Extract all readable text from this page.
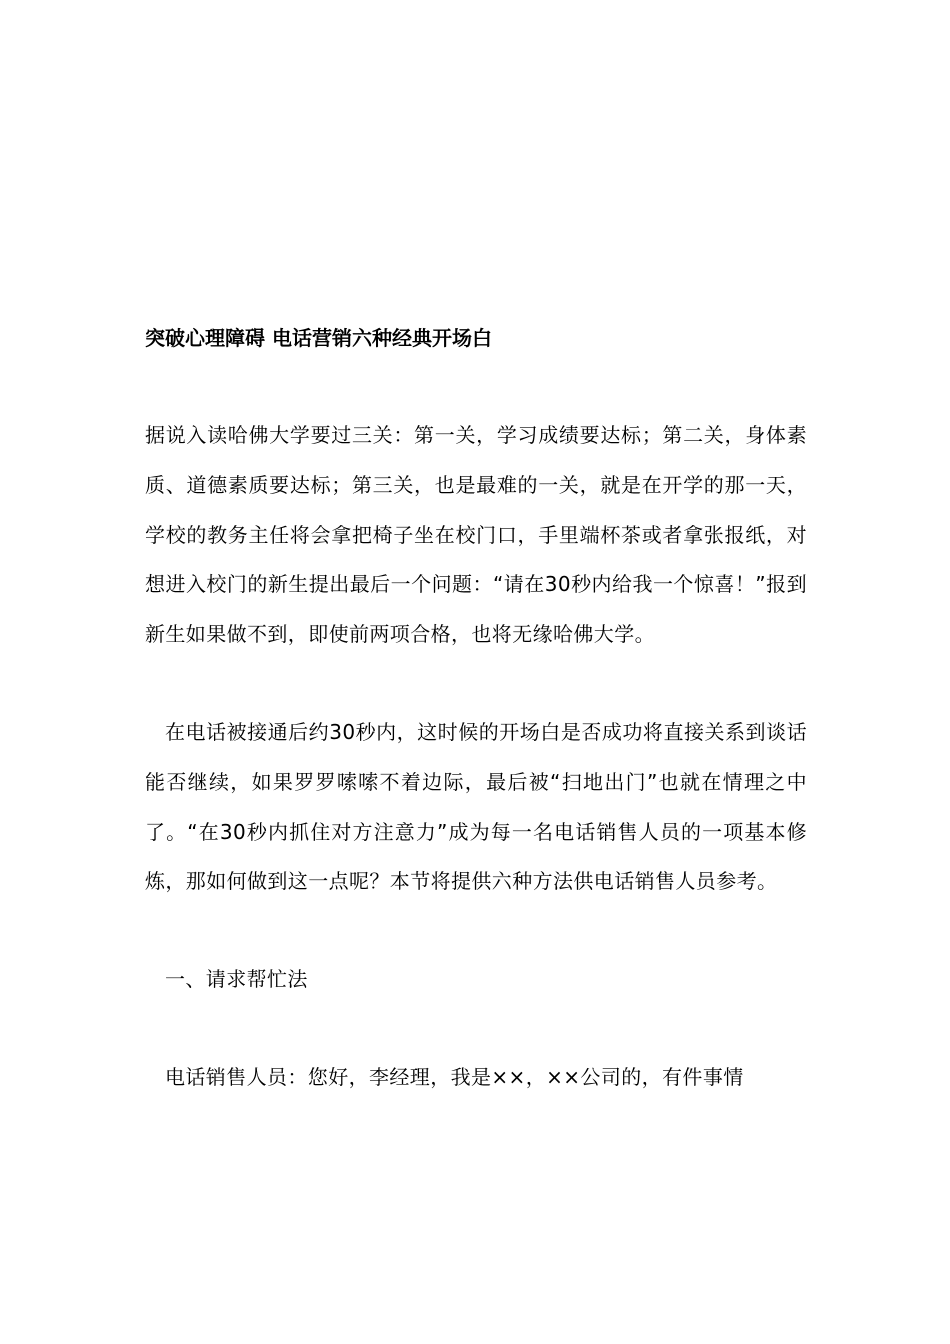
突破心理障碍 电话营销六种经典开场白

据说入读哈佛大学要过三关：第一关，学习成绩要达标；第二关，身体素质、道德素质要达标；第三关，也是最难的一关，就是在开学的那一天，学校的教务主任将会拿把椅子坐在校门口，手里端杯茶或者拿张报纸，对想进入校门的新生提出最后一个问题：“请在30秒内给我一个惊喜！”报到新生如果做不到，即使前两项合格，也将无缘哈佛大学。

在电话被接通后约30秒内，这时候的开场白是否成功将直接关系到谈话能否继续，如果罗罗嗦嗦不着边际，最后被“扫地出门”也就在情理之中了。“在30秒内抓住对方注意力”成为每一名电话销售人员的一项基本修炼，那如何做到这一点呢？本节将提供六种方法供电话销售人员参考。

一、请求帮忙法

电话销售人员：您好，李经理，我是××，××公司的，有件事情
